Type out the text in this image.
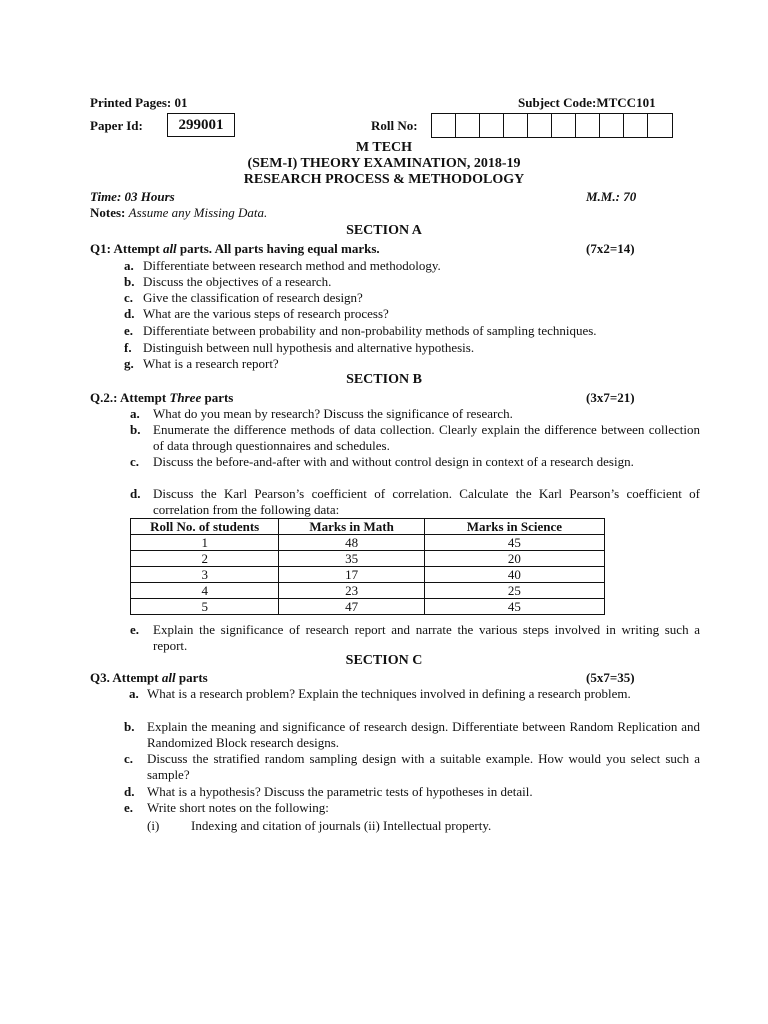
Printed Pages: 01	Subject Code:MTCC101
Paper Id:	299001	Roll No:
M TECH
(SEM-I) THEORY EXAMINATION, 2018-19
RESEARCH PROCESS & METHODOLOGY
Time: 03 Hours	M.M.: 70
Notes: Assume any Missing Data.
SECTION A
Q1: Attempt all parts. All parts having equal marks.	(7x2=14)
a. Differentiate between research method and methodology.
b. Discuss the objectives of a research.
c. Give the classification of research design?
d. What are the various steps of research process?
e. Differentiate between probability and non-probability methods of sampling techniques.
f. Distinguish between null hypothesis and alternative hypothesis.
g. What is a research report?
SECTION B
Q.2.: Attempt Three parts	(3x7=21)
a. What do you mean by research? Discuss the significance of research.
b. Enumerate the difference methods of data collection. Clearly explain the difference between collection of data through questionnaires and schedules.
c. Discuss the before-and-after with and without control design in context of a research design.
d. Discuss the Karl Pearson’s coefficient of correlation. Calculate the Karl Pearson’s coefficient of correlation from the following data:
Roll No. of students	Marks in Math	Marks in Science
1	48	45
2	35	20
3	17	40
4	23	25
5	47	45
e. Explain the significance of research report and narrate the various steps involved in writing such a report.
SECTION C
Q3. Attempt all parts	(5x7=35)
a. What is a research problem? Explain the techniques involved in defining a research problem.
b. Explain the meaning and significance of research design. Differentiate between Random Replication and Randomized Block research designs.
c. Discuss the stratified random sampling design with a suitable example. How would you select such a sample?
d. What is a hypothesis? Discuss the parametric tests of hypotheses in detail.
e. Write short notes on the following:
(i) Indexing and citation of journals (ii) Intellectual property.
